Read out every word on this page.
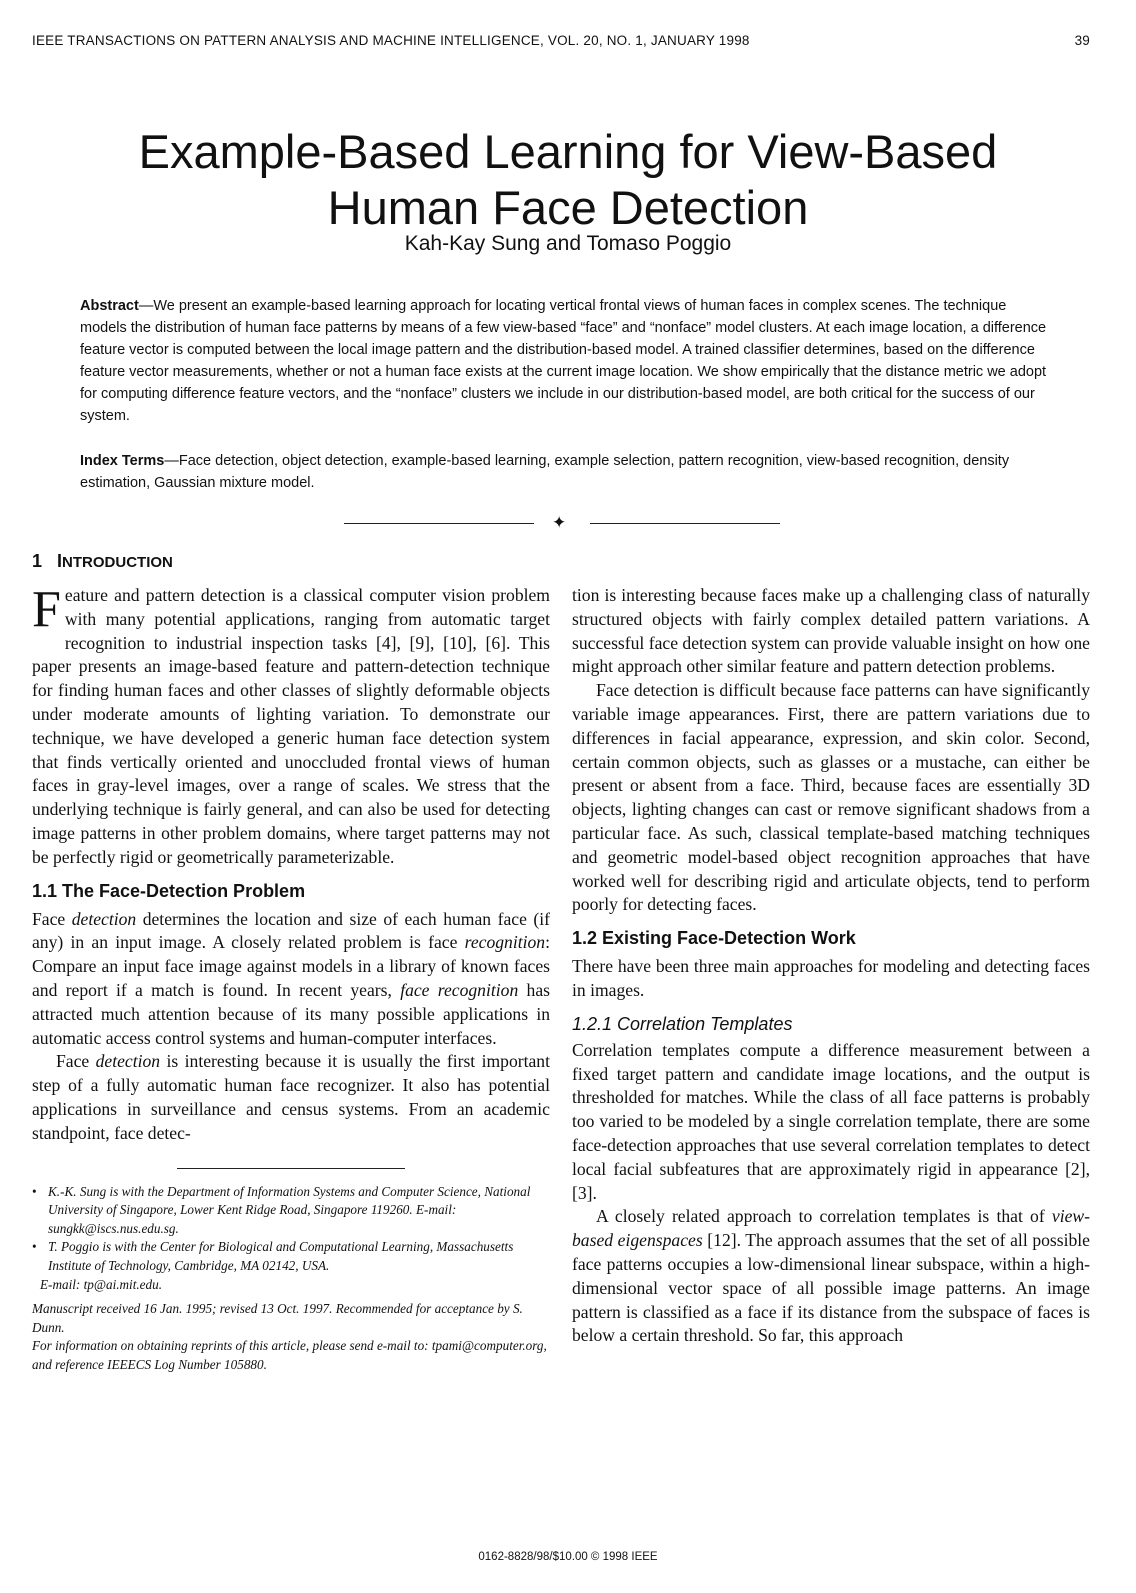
IEEE TRANSACTIONS ON PATTERN ANALYSIS AND MACHINE INTELLIGENCE, VOL. 20, NO. 1, JANUARY 1998	39
Example-Based Learning for View-Based
Human Face Detection
Kah-Kay Sung and Tomaso Poggio

Abstract—We present an example-based learning approach for locating vertical frontal views of human faces in complex scenes. The technique models the distribution of human face patterns by means of a few view-based “face” and “nonface” model clusters. At each image location, a difference feature vector is computed between the local image pattern and the distribution-based model. A trained classifier determines, based on the difference feature vector measurements, whether or not a human face exists at the current image location. We show empirically that the distance metric we adopt for computing difference feature vectors, and the “nonface” clusters we include in our distribution-based model, are both critical for the success of our system.

Index Terms—Face detection, object detection, example-based learning, example selection, pattern recognition, view-based recognition, density estimation, Gaussian mixture model.

✦
1 INTRODUCTION

Feature and pattern detection is a classical computer vision problem with many potential applications, ranging from automatic target recognition to industrial inspection tasks [4], [9], [10], [6]. This paper presents an image-based feature and pattern-detection technique for finding human faces and other classes of slightly deformable objects under moderate amounts of lighting variation. To demonstrate our technique, we have developed a generic human face detection system that finds vertically oriented and unoccluded frontal views of human faces in gray-level images, over a range of scales. We stress that the underlying technique is fairly general, and can also be used for detecting image patterns in other problem domains, where target patterns may not be perfectly rigid or geometrically parameterizable.

1.1 The Face-Detection Problem

Face detection determines the location and size of each human face (if any) in an input image. A closely related problem is face recognition: Compare an input face image against models in a library of known faces and report if a match is found. In recent years, face recognition has attracted much attention because of its many possible applications in automatic access control systems and human-computer interfaces.

Face detection is interesting because it is usually the first important step of a fully automatic human face recognizer. It also has potential applications in surveillance and census systems. From an academic standpoint, face detec-

• K.-K. Sung is with the Department of Information Systems and Computer Science, National University of Singapore, Lower Kent Ridge Road, Singapore 119260. E-mail: sungkk@iscs.nus.edu.sg.
• T. Poggio is with the Center for Biological and Computational Learning, Massachusetts Institute of Technology, Cambridge, MA 02142, USA.
E-mail: tp@ai.mit.edu.

Manuscript received 16 Jan. 1995; revised 13 Oct. 1997. Recommended for acceptance by S. Dunn.

For information on obtaining reprints of this article, please send e-mail to: tpami@computer.org, and reference IEEECS Log Number 105880.

tion is interesting because faces make up a challenging class of naturally structured objects with fairly complex detailed pattern variations. A successful face detection system can provide valuable insight on how one might approach other similar feature and pattern detection problems.

Face detection is difficult because face patterns can have significantly variable image appearances. First, there are pattern variations due to differences in facial appearance, expression, and skin color. Second, certain common objects, such as glasses or a mustache, can either be present or absent from a face. Third, because faces are essentially 3D objects, lighting changes can cast or remove significant shadows from a particular face. As such, classical template-based matching techniques and geometric model-based object recognition approaches that have worked well for describing rigid and articulate objects, tend to perform poorly for detecting faces.

1.2 Existing Face-Detection Work

There have been three main approaches for modeling and detecting faces in images.

1.2.1 Correlation Templates

Correlation templates compute a difference measurement between a fixed target pattern and candidate image locations, and the output is thresholded for matches. While the class of all face patterns is probably too varied to be modeled by a single correlation template, there are some face-detection approaches that use several correlation templates to detect local facial subfeatures that are approximately rigid in appearance [2], [3].

A closely related approach to correlation templates is that of view-based eigenspaces [12]. The approach assumes that the set of all possible face patterns occupies a low-dimensional linear subspace, within a high-dimensional vector space of all possible image patterns. An image pattern is classified as a face if its distance from the subspace of faces is below a certain threshold. So far, this approach

0162-8828/98/$10.00 © 1998 IEEE
